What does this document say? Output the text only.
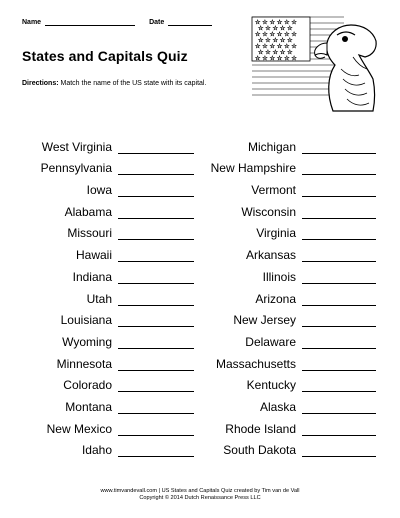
Name	Date
States and Capitals Quiz
Directions: Match the name of the US state with its capital.
☆ ☆ ☆ ☆ ☆ ☆
☆ ☆ ☆ ☆ ☆
☆ ☆ ☆ ☆ ☆ ☆
☆ ☆ ☆ ☆ ☆
☆ ☆ ☆ ☆ ☆ ☆
☆ ☆ ☆ ☆ ☆
☆ ☆ ☆ ☆ ☆ ☆
West Virginia
Pennsylvania
Iowa
Alabama
Missouri
Hawaii
Indiana
Utah
Louisiana
Wyoming
Minnesota
Colorado
Montana
New Mexico
Idaho
Michigan
New Hampshire
Vermont
Wisconsin
Virginia
Arkansas
Illinois
Arizona
New Jersey
Delaware
Massachusetts
Kentucky
Alaska
Rhode Island
South Dakota
www.timvandevall.com | US States and Capitals Quiz created by Tim van de Vall
Copyright © 2014 Dutch Renaissance Press LLC
